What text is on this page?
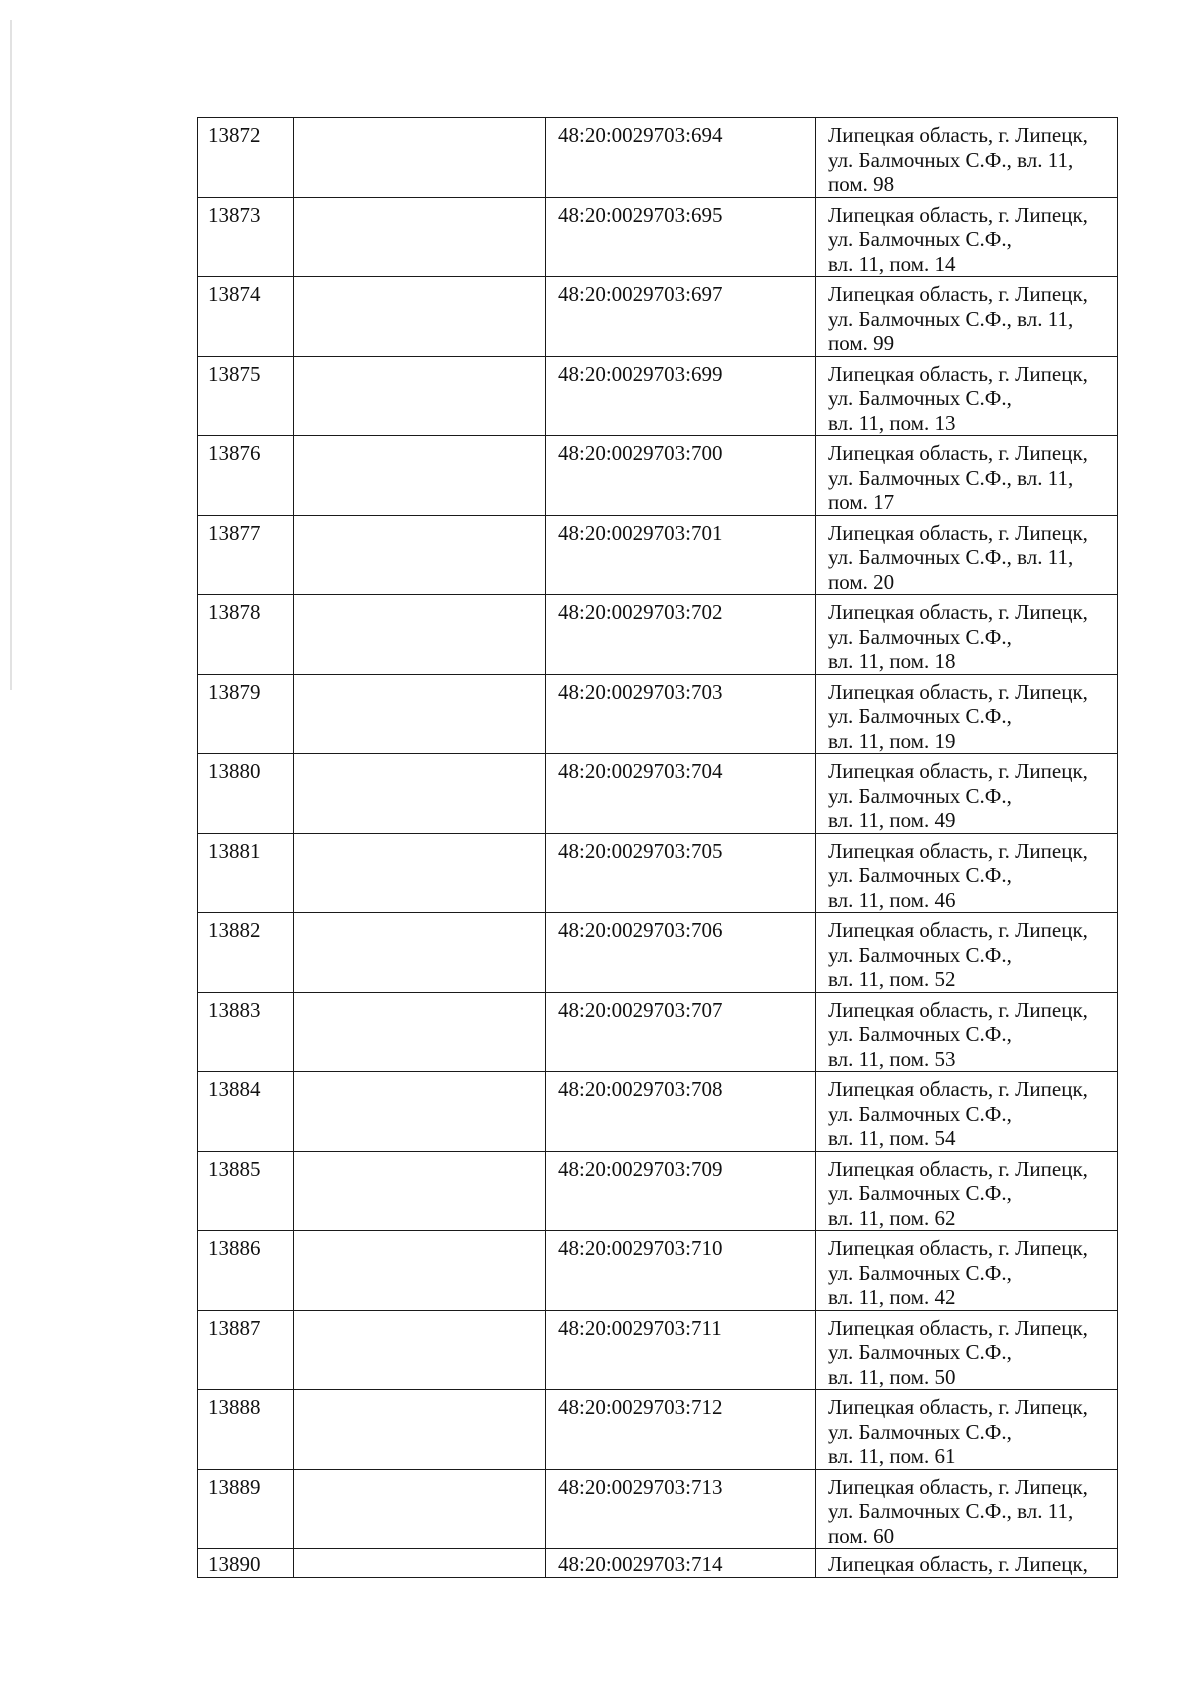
13872		48:20:0029703:694	Липецкая область, г. Липецк,
ул. Балмочных С.Ф., вл. 11,
пом. 98

13873		48:20:0029703:695	Липецкая область, г. Липецк,
ул. Балмочных С.Ф.,
вл. 11, пом. 14

13874		48:20:0029703:697	Липецкая область, г. Липецк,
ул. Балмочных С.Ф., вл. 11,
пом. 99

13875		48:20:0029703:699	Липецкая область, г. Липецк,
ул. Балмочных С.Ф.,
вл. 11, пом. 13

13876		48:20:0029703:700	Липецкая область, г. Липецк,
ул. Балмочных С.Ф., вл. 11,
пом. 17

13877		48:20:0029703:701	Липецкая область, г. Липецк,
ул. Балмочных С.Ф., вл. 11,
пом. 20

13878		48:20:0029703:702	Липецкая область, г. Липецк,
ул. Балмочных С.Ф.,
вл. 11, пом. 18

13879		48:20:0029703:703	Липецкая область, г. Липецк,
ул. Балмочных С.Ф.,
вл. 11, пом. 19

13880		48:20:0029703:704	Липецкая область, г. Липецк,
ул. Балмочных С.Ф.,
вл. 11, пом. 49

13881		48:20:0029703:705	Липецкая область, г. Липецк,
ул. Балмочных С.Ф.,
вл. 11, пом. 46

13882		48:20:0029703:706	Липецкая область, г. Липецк,
ул. Балмочных С.Ф.,
вл. 11, пом. 52

13883		48:20:0029703:707	Липецкая область, г. Липецк,
ул. Балмочных С.Ф.,
вл. 11, пом. 53

13884		48:20:0029703:708	Липецкая область, г. Липецк,
ул. Балмочных С.Ф.,
вл. 11, пом. 54

13885		48:20:0029703:709	Липецкая область, г. Липецк,
ул. Балмочных С.Ф.,
вл. 11, пом. 62

13886		48:20:0029703:710	Липецкая область, г. Липецк,
ул. Балмочных С.Ф.,
вл. 11, пом. 42

13887		48:20:0029703:711	Липецкая область, г. Липецк,
ул. Балмочных С.Ф.,
вл. 11, пом. 50

13888		48:20:0029703:712	Липецкая область, г. Липецк,
ул. Балмочных С.Ф.,
вл. 11, пом. 61

13889		48:20:0029703:713	Липецкая область, г. Липецк,
ул. Балмочных С.Ф., вл. 11,
пом. 60

13890		48:20:0029703:714	Липецкая область, г. Липецк,
